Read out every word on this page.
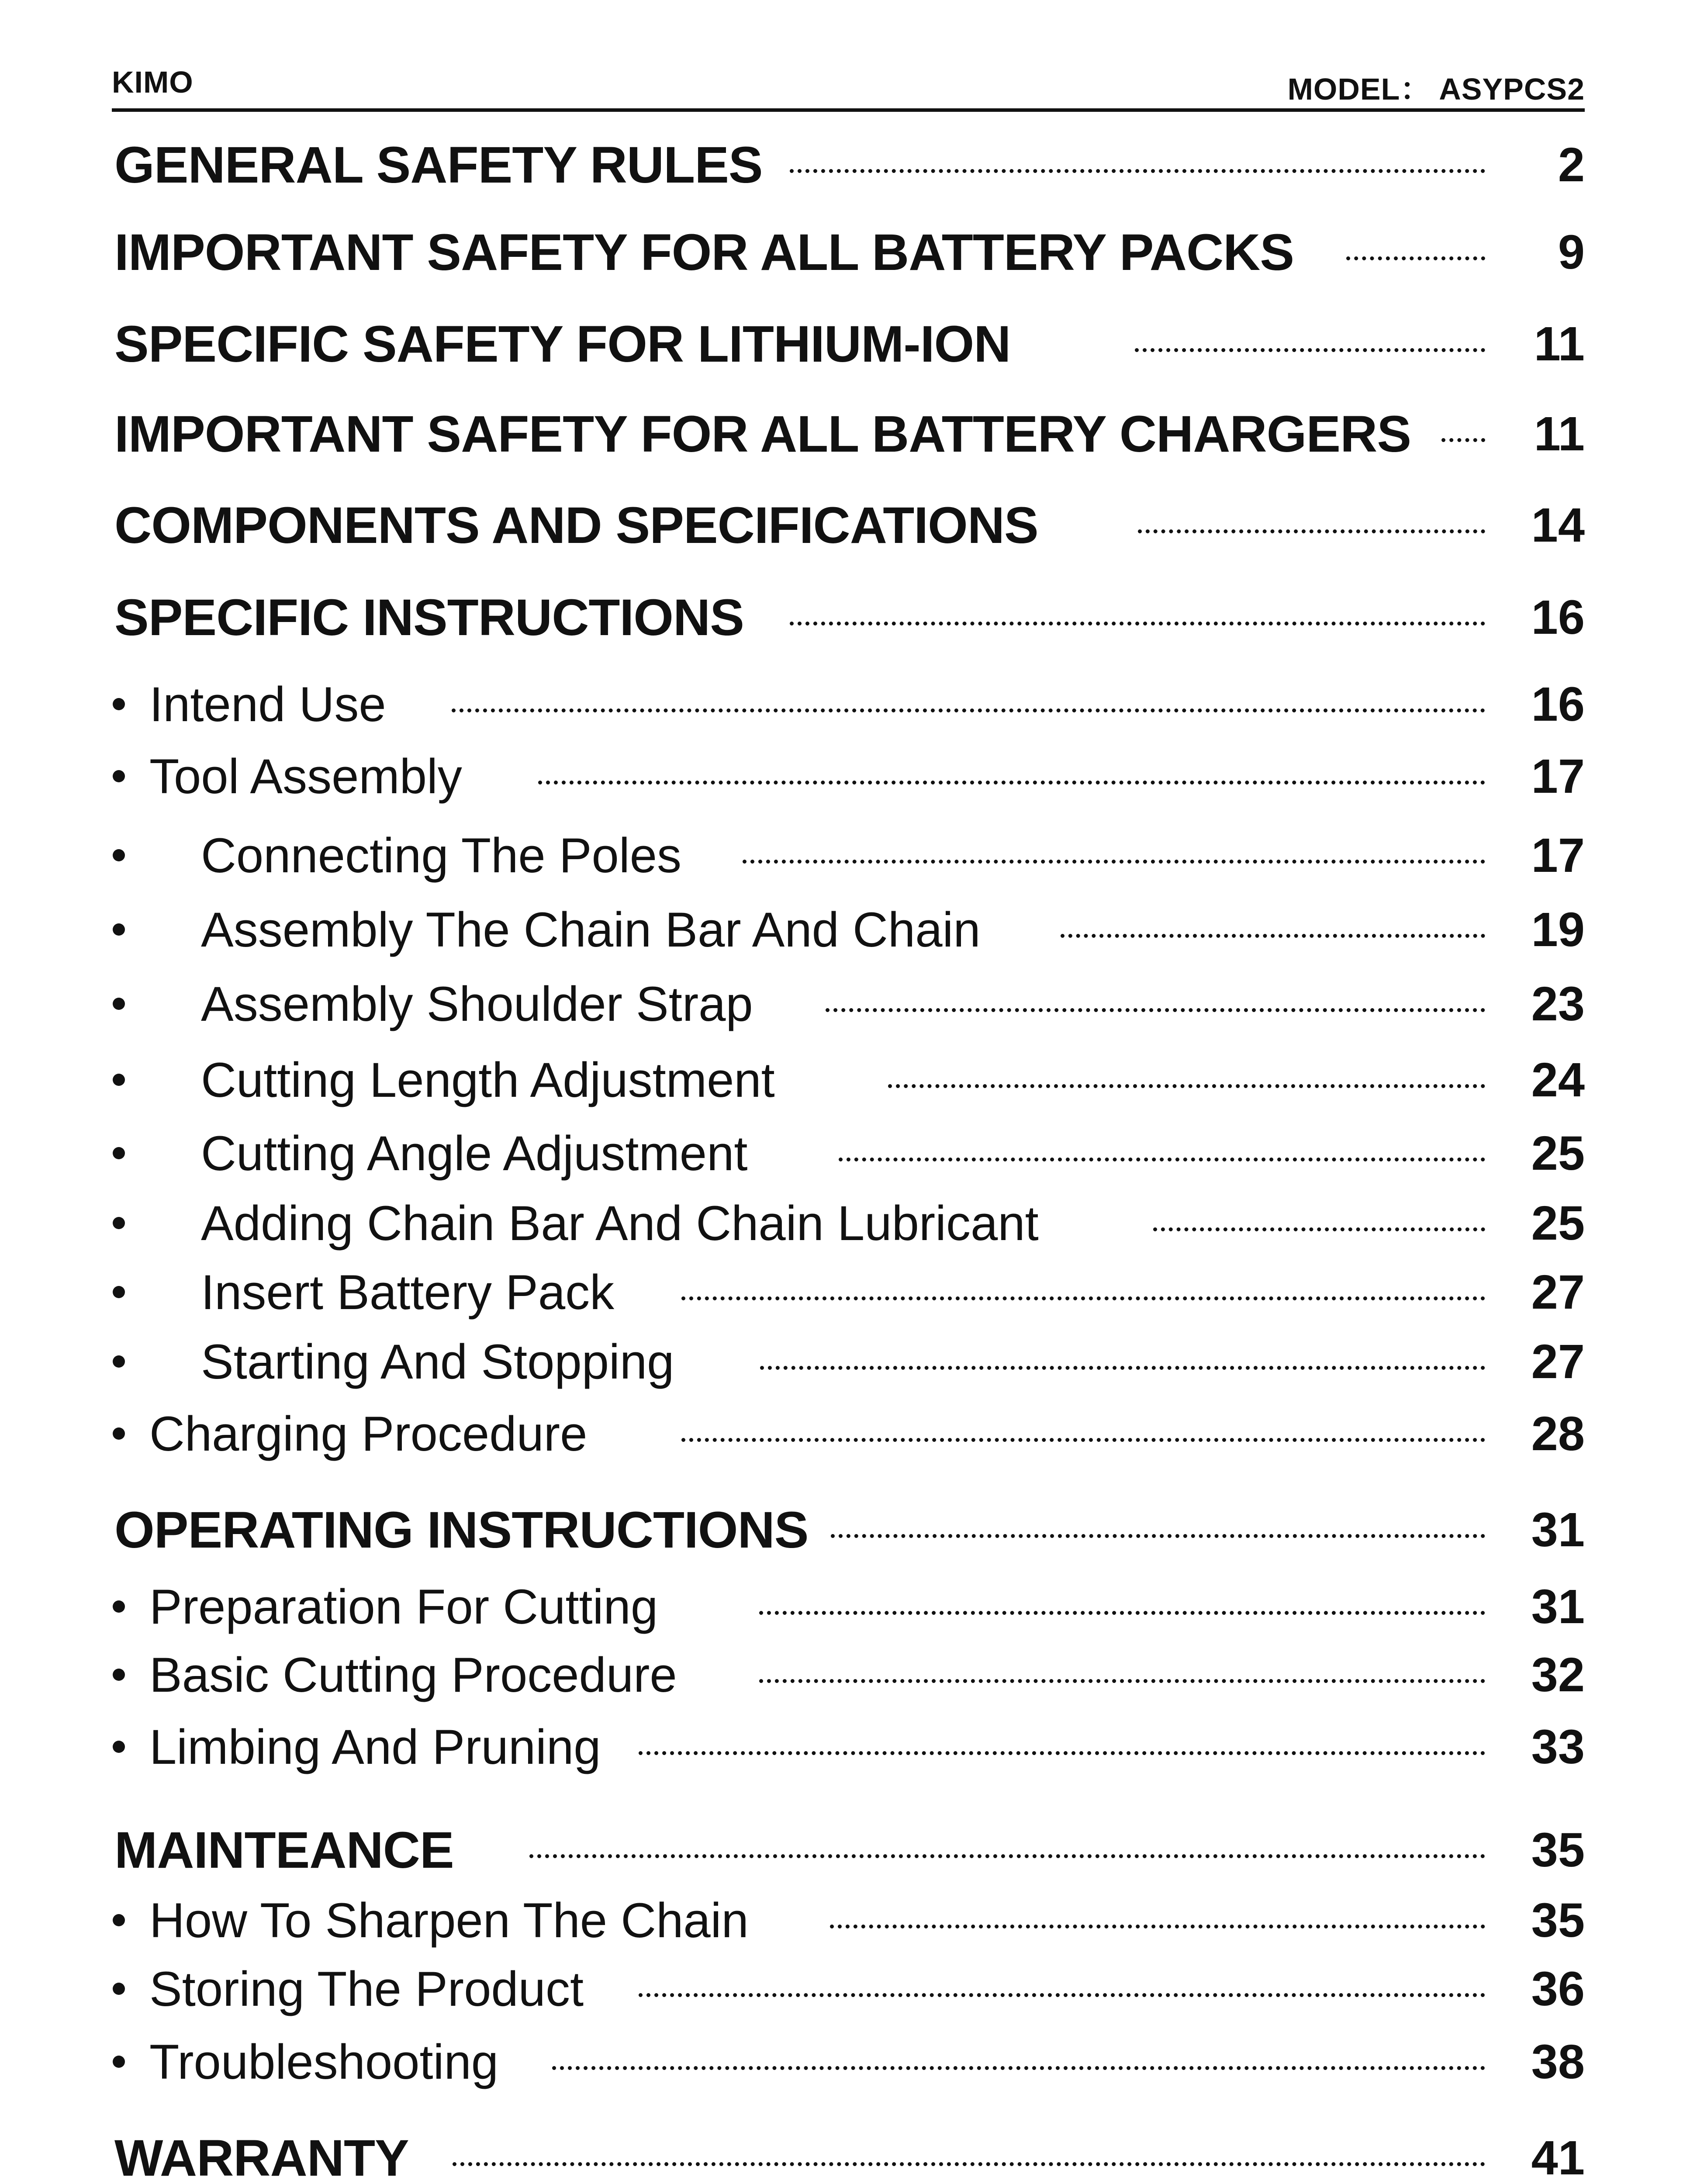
KIMO	MODEL： ASYPCS2
GENERAL SAFETY RULES	2
IMPORTANT SAFETY FOR ALL BATTERY PACKS	9
SPECIFIC SAFETY FOR LITHIUM-ION	11
IMPORTANT SAFETY FOR ALL BATTERY CHARGERS	11
COMPONENTS AND SPECIFICATIONS	14
SPECIFIC INSTRUCTIONS	16
Intend Use	16
Tool Assembly	17
Connecting The Poles	17
Assembly The Chain Bar And Chain	19
Assembly Shoulder Strap	23
Cutting Length Adjustment	24
Cutting Angle Adjustment	25
Adding Chain Bar And Chain Lubricant	25
Insert Battery Pack	27
Starting And Stopping	27
Charging Procedure	28
OPERATING INSTRUCTIONS	31
Preparation For Cutting	31
Basic Cutting Procedure	32
Limbing And Pruning	33
MAINTEANCE	35
How To Sharpen The Chain	35
Storing The Product	36
Troubleshooting	38
WARRANTY	41
